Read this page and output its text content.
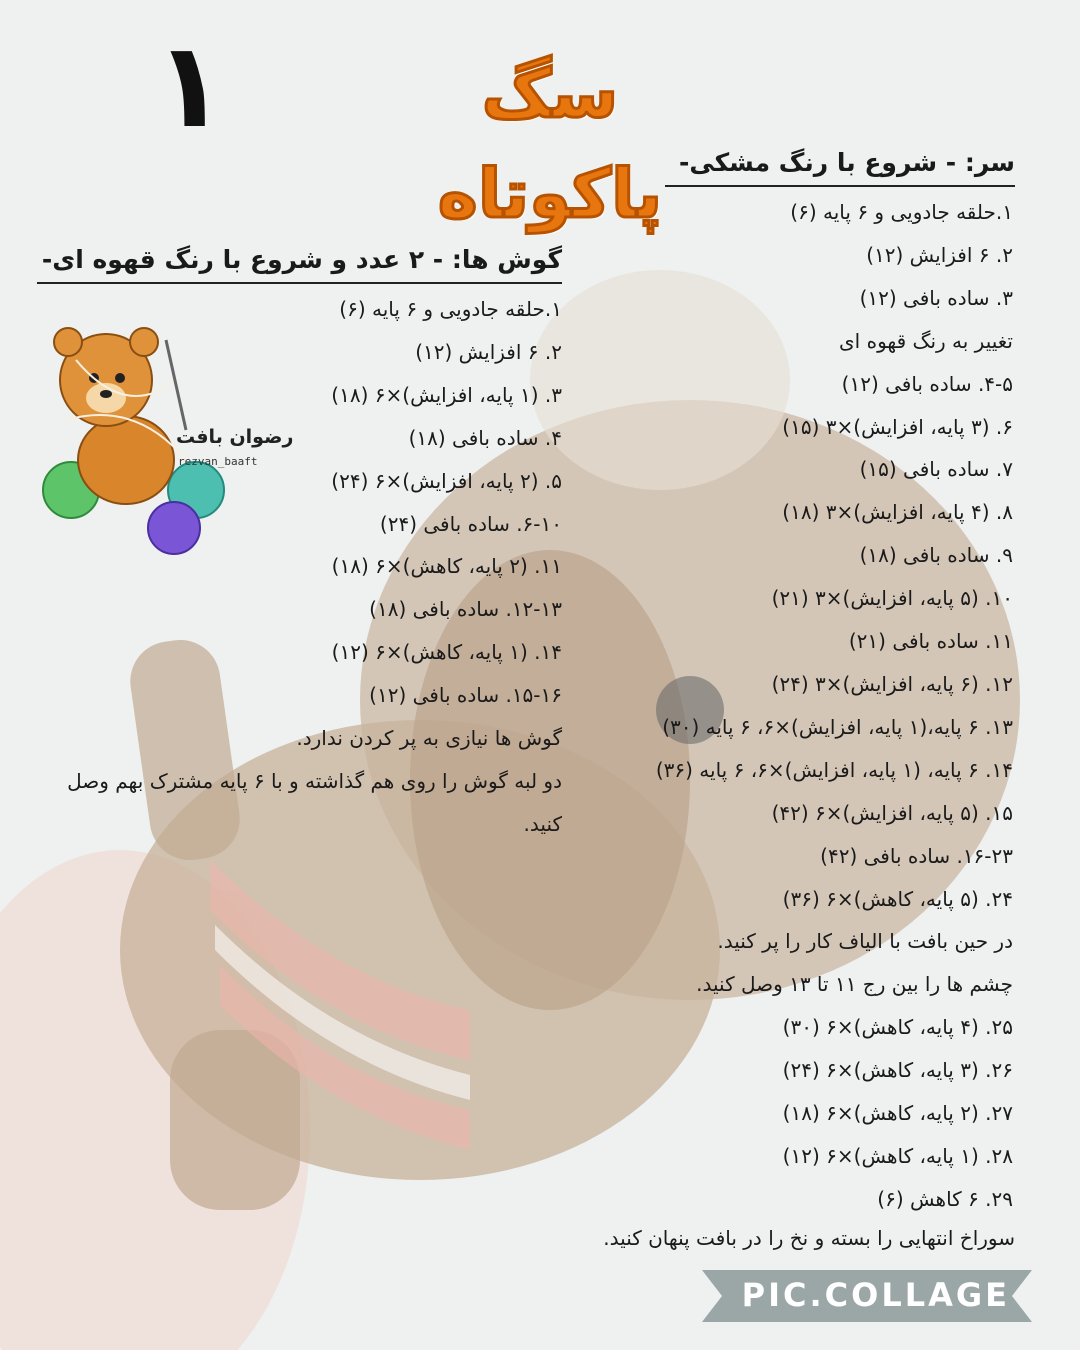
١	سگ پاکوتاه سر: - شروع با رنگ مشکی-
۱.حلقه جادویی و ۶ پایه (۶)
۲. ۶ افزایش (۱۲)
۳. ساده بافی (۱۲)
تغییر به رنگ قهوه ای
۴-۵. ساده بافی (۱۲)
۶. (۳ پایه، افزایش)×۳ (۱۵)
۷. ساده بافی (۱۵)
۸. (۴ پایه، افزایش)×۳ (۱۸)
۹. ساده بافی (۱۸)
۱۰. (۵ پایه، افزایش)×۳ (۲۱)
۱۱. ساده بافی (۲۱)
۱۲. (۶ پایه، افزایش)×۳ (۲۴)
۱۳. ۶ پایه،(۱ پایه، افزایش)×۶، ۶ پایه (۳۰)
۱۴. ۶ پایه، (۱ پایه، افزایش)×۶، ۶ پایه (۳۶)
۱۵. (۵ پایه، افزایش)×۶ (۴۲)
۱۶-۲۳. ساده بافی (۴۲)
۲۴. (۵ پایه، کاهش)×۶ (۳۶)
در حین بافت با الیاف کار را پر کنید.
چشم ها را بین رج ۱۱ تا ۱۳ وصل کنید.
۲۵. (۴ پایه، کاهش)×۶ (۳۰)
۲۶. (۳ پایه، کاهش)×۶ (۲۴)
۲۷. (۲ پایه، کاهش)×۶ (۱۸)
۲۸. (۱ پایه، کاهش)×۶ (۱۲)
۲۹. ۶ کاهش (۶)
سوراخ انتهایی را بسته و نخ را در بافت پنهان کنید.
گوش ها: - ۲ عدد و شروع با رنگ قهوه ای-
۱.حلقه جادویی و ۶ پایه (۶)
۲. ۶ افزایش (۱۲)
۳. (۱ پایه، افزایش)×۶ (۱۸)
۴. ساده بافی (۱۸)
۵. (۲ پایه، افزایش)×۶ (۲۴)
۶-۱۰. ساده بافی (۲۴)
۱۱. (۲ پایه، کاهش)×۶ (۱۸)
۱۲-۱۳. ساده بافی (۱۸)
۱۴. (۱ پایه، کاهش)×۶ (۱۲)
۱۵-۱۶. ساده بافی (۱۲)
گوش ها نیازی به پر کردن ندارد.
دو لبه گوش را روی هم گذاشته و با ۶ پایه مشترک بهم وصل کنید.
رضوان بافت
rezvan_baaft
PIC.COLLAGE
